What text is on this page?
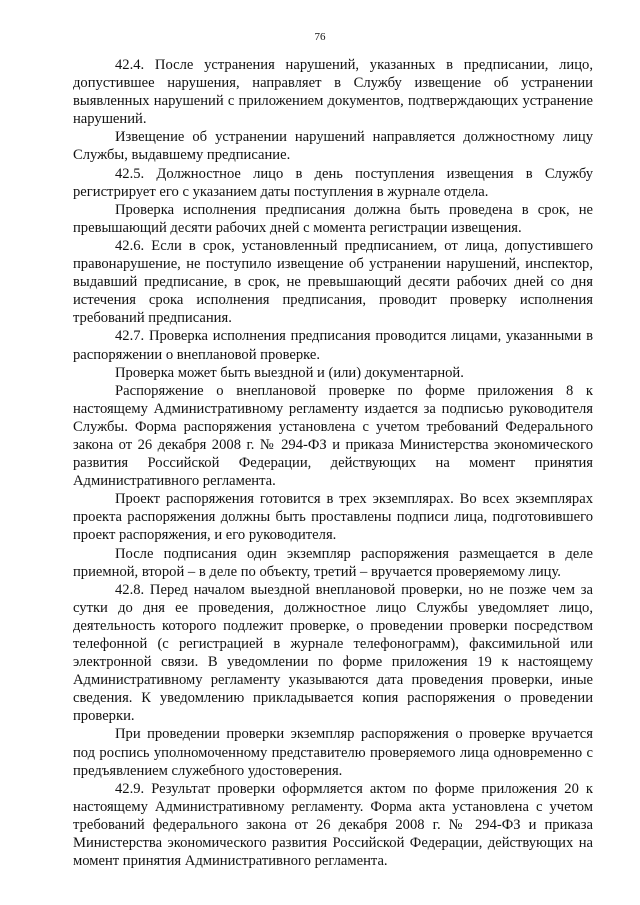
76

42.4. После устранения нарушений, указанных в предписании, лицо, допустившее нарушения, направляет в Службу извещение об устранении выявленных нарушений с приложением документов, подтверждающих устранение нарушений.

Извещение об устранении нарушений направляется должностному лицу Службы, выдавшему предписание.

42.5. Должностное лицо в день поступления извещения в Службу регистрирует его с указанием даты поступления в журнале отдела.

Проверка исполнения предписания должна быть проведена в срок, не превышающий десяти рабочих дней с момента регистрации извещения.

42.6. Если в срок, установленный предписанием, от лица, допустившего правонарушение, не поступило извещение об устранении нарушений, инспектор, выдавший предписание, в срок, не превышающий десяти рабочих дней со дня истечения срока исполнения предписания, проводит проверку исполнения требований предписания.

42.7. Проверка исполнения предписания проводится лицами, указанными в распоряжении о внеплановой проверке.

Проверка может быть выездной и (или) документарной.

Распоряжение о внеплановой проверке по форме приложения 8 к настоящему Административному регламенту издается за подписью руководителя Службы. Форма распоряжения установлена с учетом требований Федерального закона от 26 декабря 2008 г. № 294-ФЗ и приказа Министерства экономического развития Российской Федерации, действующих на момент принятия Административного регламента.

Проект распоряжения готовится в трех экземплярах. Во всех экземплярах проекта распоряжения должны быть проставлены подписи лица, подготовившего проект распоряжения, и его руководителя.

После подписания один экземпляр распоряжения размещается в деле приемной, второй – в деле по объекту, третий – вручается проверяемому лицу.

42.8. Перед началом выездной внеплановой проверки, но не позже чем за сутки до дня ее проведения, должностное лицо Службы уведомляет лицо, деятельность которого подлежит проверке, о проведении проверки посредством телефонной (с регистрацией в журнале телефонограмм), факсимильной или электронной связи. В уведомлении по форме приложения 19 к настоящему Административному регламенту указываются дата проведения проверки, иные сведения. К уведомлению прикладывается копия распоряжения о проведении проверки.

При проведении проверки экземпляр распоряжения о проверке вручается под роспись уполномоченному представителю проверяемого лица одновременно с предъявлением служебного удостоверения.

42.9. Результат проверки оформляется актом по форме приложения 20 к настоящему Административному регламенту. Форма акта установлена с учетом требований федерального закона от 26 декабря 2008 г. № 294-ФЗ и приказа Министерства экономического развития Российской Федерации, действующих на момент принятия Административного регламента.
